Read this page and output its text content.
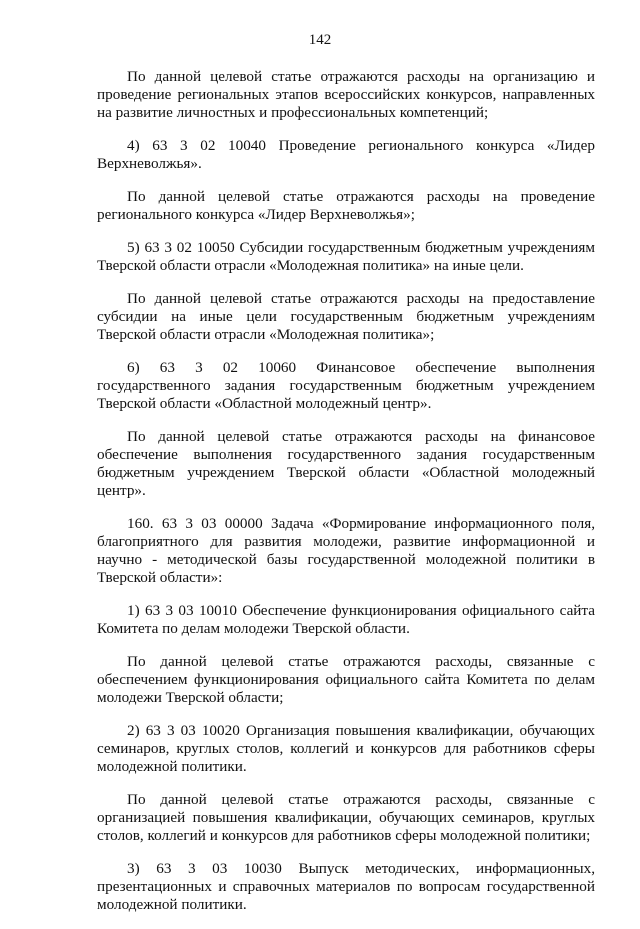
142

По данной целевой статье отражаются расходы на организацию и проведение региональных этапов всероссийских конкурсов, направленных на развитие личностных и профессиональных компетенций;

4) 63 3 02 10040 Проведение регионального конкурса «Лидер Верхневолжья».

По данной целевой статье отражаются расходы на проведение регионального конкурса «Лидер Верхневолжья»;

5) 63 3 02 10050 Субсидии государственным бюджетным учреждениям Тверской области отрасли «Молодежная политика» на иные цели.

По данной целевой статье отражаются расходы на предоставление субсидии на иные цели государственным бюджетным учреждениям Тверской области отрасли «Молодежная политика»;

6) 63 3 02 10060 Финансовое обеспечение выполнения государственного задания государственным бюджетным учреждением Тверской области «Областной молодежный центр».

По данной целевой статье отражаются расходы на финансовое обеспечение выполнения государственного задания государственным бюджетным учреждением Тверской области «Областной молодежный центр».

160. 63 3 03 00000 Задача «Формирование информационного поля, благоприятного для развития молодежи, развитие информационной и научно - методической базы государственной молодежной политики в Тверской области»:

1) 63 3 03 10010 Обеспечение функционирования официального сайта Комитета по делам молодежи Тверской области.

По данной целевой статье отражаются расходы, связанные с обеспечением функционирования официального сайта Комитета по делам молодежи Тверской области;

2) 63 3 03 10020 Организация повышения квалификации, обучающих семинаров, круглых столов, коллегий и конкурсов для работников сферы молодежной политики.

По данной целевой статье отражаются расходы, связанные с организацией повышения квалификации, обучающих семинаров, круглых столов, коллегий и конкурсов для работников сферы молодежной политики;

3) 63 3 03 10030 Выпуск методических, информационных, презентационных и справочных материалов по вопросам государственной молодежной политики.
